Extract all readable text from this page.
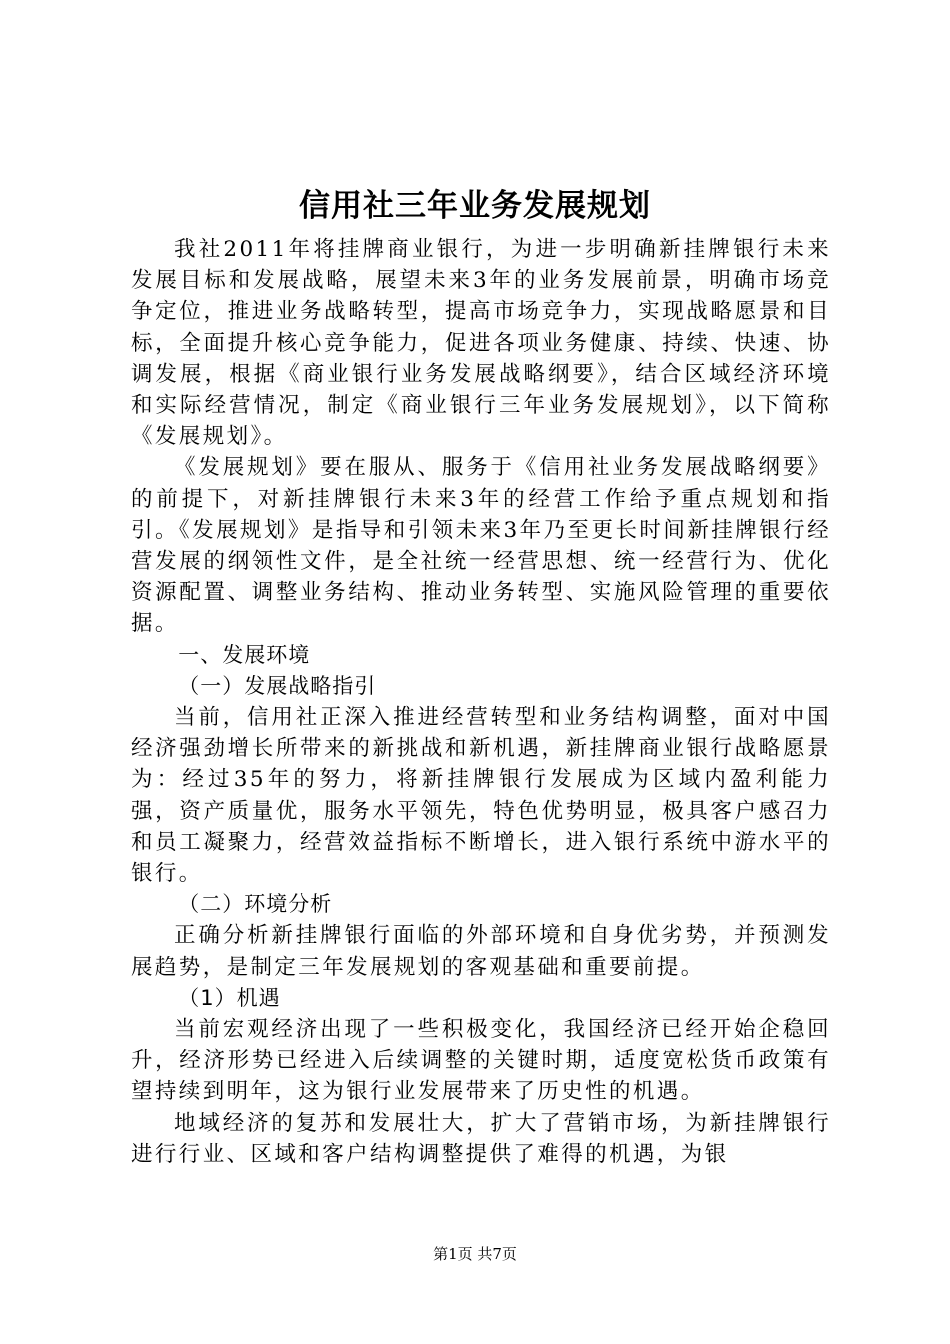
信用社三年业务发展规划

我社2011年将挂牌商业银行，为进一步明确新挂牌银行未来发展目标和发展战略，展望未来3年的业务发展前景，明确市场竞争定位，推进业务战略转型，提高市场竞争力，实现战略愿景和目标，全面提升核心竞争能力，促进各项业务健康、持续、快速、协调发展，根据《商业银行业务发展战略纲要》，结合区域经济环境和实际经营情况，制定《商业银行三年业务发展规划》，以下简称《发展规划》。

《发展规划》要在服从、服务于《信用社业务发展战略纲要》的前提下，对新挂牌银行未来3年的经营工作给予重点规划和指引。《发展规划》是指导和引领未来3年乃至更长时间新挂牌银行经营发展的纲领性文件，是全社统一经营思想、统一经营行为、优化资源配置、调整业务结构、推动业务转型、实施风险管理的重要依据。

一、发展环境

（一）发展战略指引

当前，信用社正深入推进经营转型和业务结构调整，面对中国经济强劲增长所带来的新挑战和新机遇，新挂牌商业银行战略愿景为：经过35年的努力，将新挂牌银行发展成为区域内盈利能力强，资产质量优，服务水平领先，特色优势明显，极具客户感召力和员工凝聚力，经营效益指标不断增长，进入银行系统中游水平的银行。

（二）环境分析

正确分析新挂牌银行面临的外部环境和自身优劣势，并预测发展趋势，是制定三年发展规划的客观基础和重要前提。

（1）机遇

当前宏观经济出现了一些积极变化，我国经济已经开始企稳回升，经济形势已经进入后续调整的关键时期，适度宽松货币政策有望持续到明年，这为银行业发展带来了历史性的机遇。

地域经济的复苏和发展壮大，扩大了营销市场，为新挂牌银行进行行业、区域和客户结构调整提供了难得的机遇，为银

第1页 共7页
